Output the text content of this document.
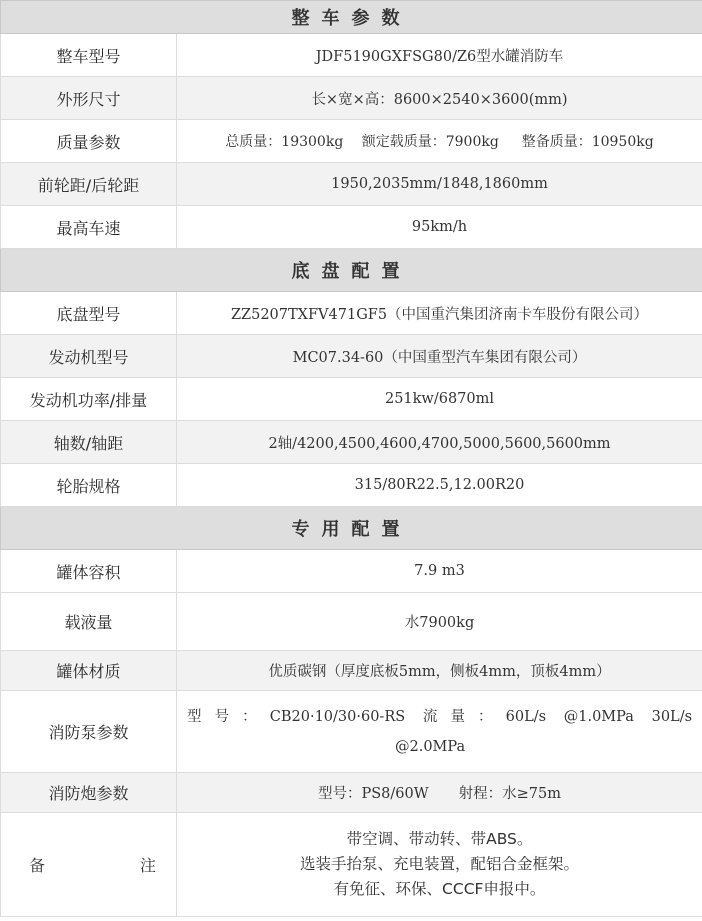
整车参数	
整车型号	JDF5190GXFSG80/Z6型水罐消防车
外形尺寸	长×宽×高：8600×2540×3600(mm)
质量参数	总质量：19300kg　 额定载质量：7900kg 　 整备质量：10950kg
前轮距/后轮距	1950,2035mm/1848,1860mm
最高车速	95km/h
底盘配置	
底盘型号	ZZ5207TXFV471GF5（中国重汽集团济南卡车股份有限公司）
发动机型号	MC07.34-60（中国重型汽车集团有限公司）
发动机功率/排量	251kw/6870ml
轴数/轴距	2轴/4200,4500,4600,4700,5000,5600,5600mm
轮胎规格	315/80R22.5,12.00R20
专用配置	
罐体容积	7.9 m3
载液量	水7900kg
罐体材质	优质碳钢（厚度底板5mm，侧板4mm，顶板4mm）
消防泵参数	型号：CB20·10/30·60-RS 流量：60L/s @1.0MPa 30L/s
@2.0MPa

消防炮参数	型号：PS8/60W 射程：水≥75m

备 注	带空调、带动转、带ABS。
选装手抬泵、充电装置，配铝合金框架。
有免征、环保、CCCF申报中。
